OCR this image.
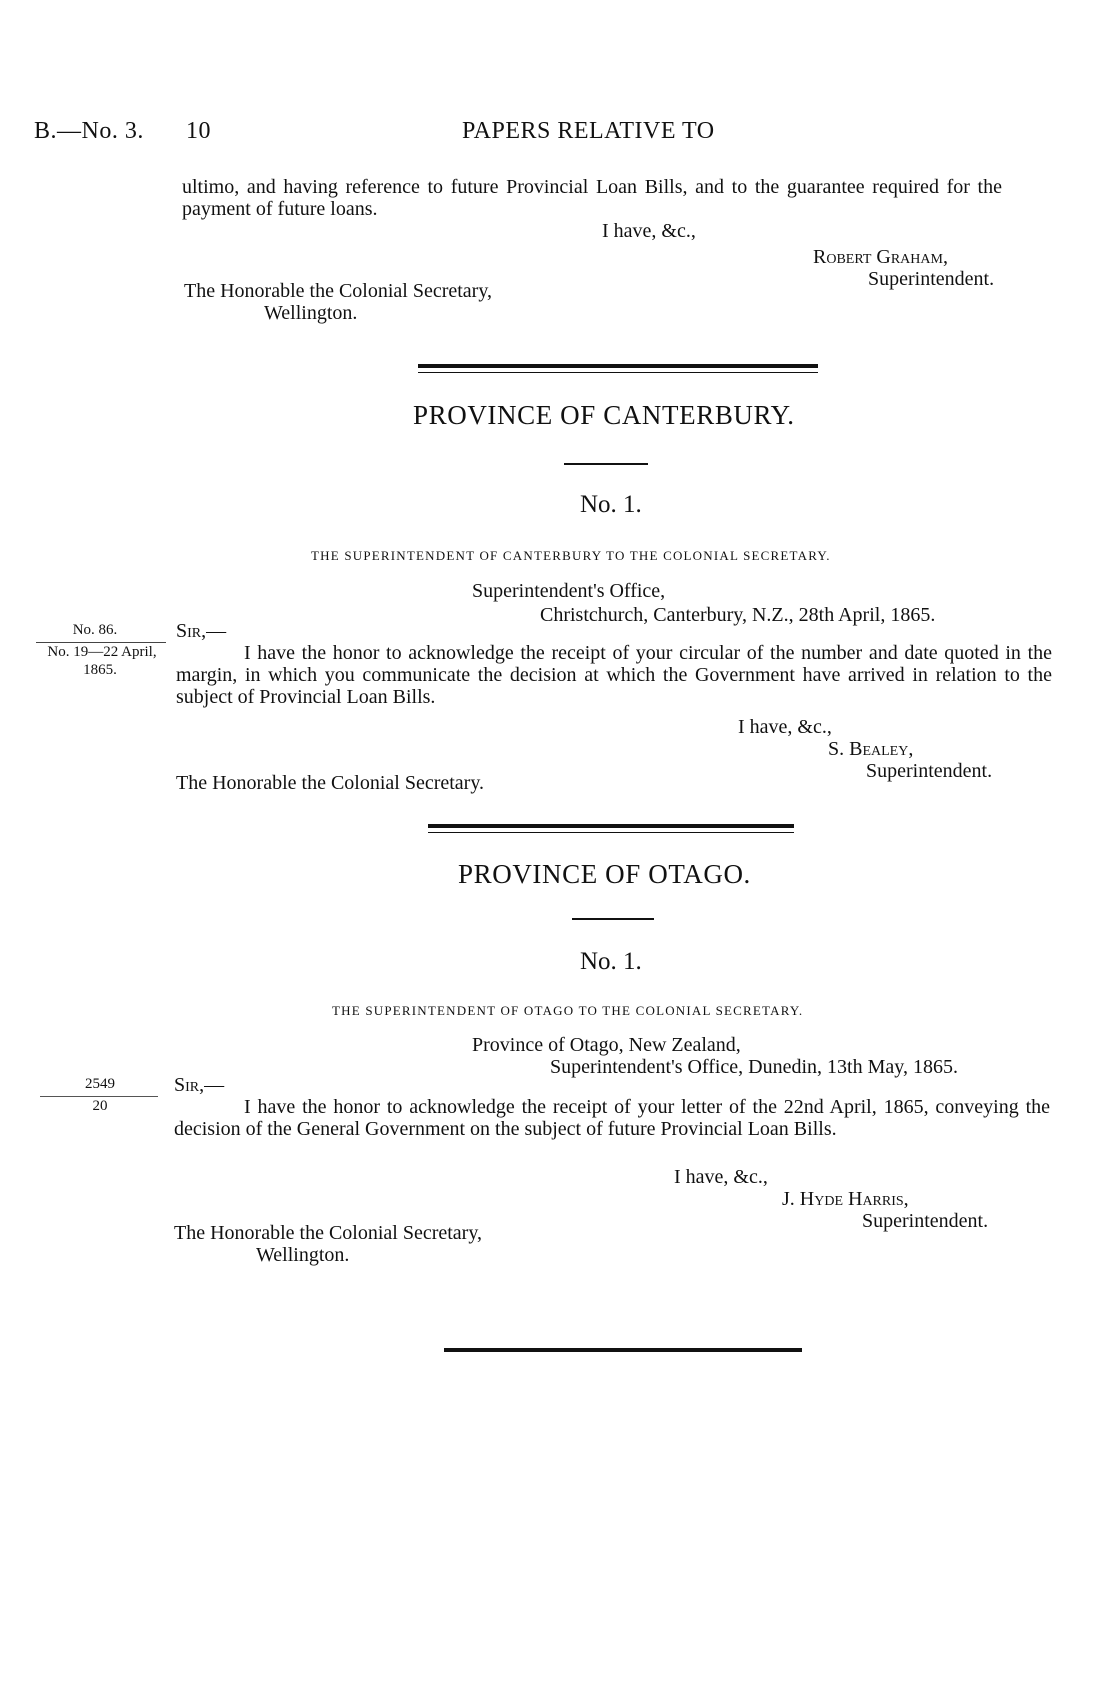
B.—No. 3. 10	PAPERS RELATIVE TO
ultimo, and having reference to future Provincial Loan Bills, and to the guarantee required for the payment of future loans.
I have, &c.,
Robert Graham,
Superintendent.
The Honorable the Colonial Secretary,
Wellington.
PROVINCE OF CANTERBURY.
No. 1.
THE SUPERINTENDENT OF CANTERBURY TO THE COLONIAL SECRETARY.
Superintendent's Office,
Christchurch, Canterbury, N.Z., 28th April, 1865.
No. 86.
No. 19—22 April,
1865.
Sir,—
I have the honor to acknowledge the receipt of your circular of the number and date quoted in the margin, in which you communicate the decision at which the Government have arrived in relation to the subject of Provincial Loan Bills.
I have, &c.,
S. Bealey,
Superintendent.
The Honorable the Colonial Secretary.
PROVINCE OF OTAGO.
No. 1.
THE SUPERINTENDENT OF OTAGO TO THE COLONIAL SECRETARY.
Province of Otago, New Zealand,
Superintendent's Office, Dunedin, 13th May, 1865.
2549
20
Sir,—
I have the honor to acknowledge the receipt of your letter of the 22nd April, 1865, conveying the decision of the General Government on the subject of future Provincial Loan Bills.
I have, &c.,
J. Hyde Harris,
Superintendent.
The Honorable the Colonial Secretary,
Wellington.
